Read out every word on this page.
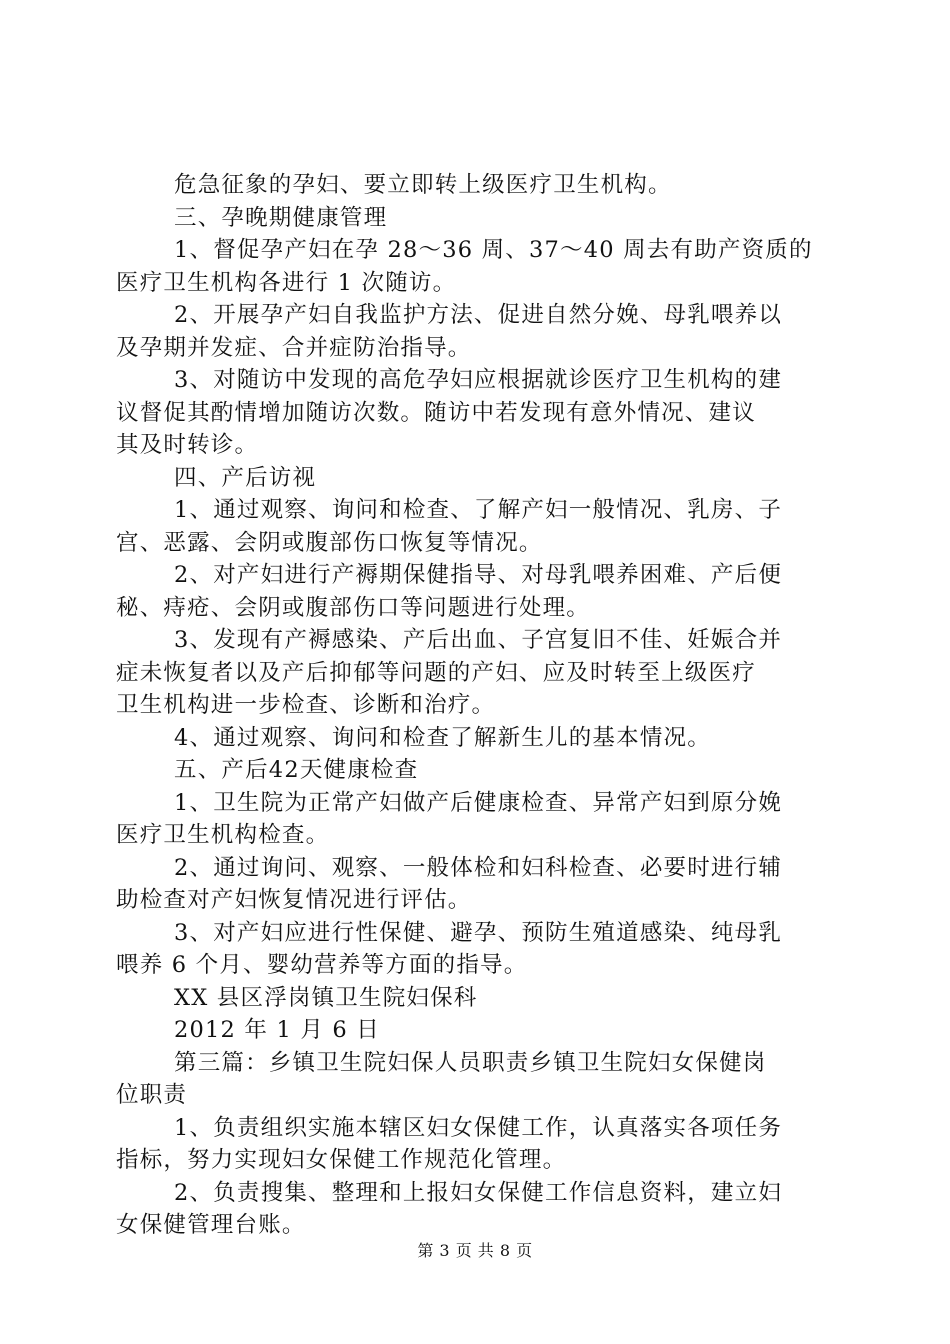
危急征象的孕妇、要立即转上级医疗卫生机构。
三、孕晚期健康管理
1、督促孕产妇在孕 28～36 周、37～40 周去有助产资质的
医疗卫生机构各进行 1 次随访。
2、开展孕产妇自我监护方法、促进自然分娩、母乳喂养以
及孕期并发症、合并症防治指导。
3、对随访中发现的高危孕妇应根据就诊医疗卫生机构的建
议督促其酌情增加随访次数。随访中若发现有意外情况、建议
其及时转诊。
四、产后访视
1、通过观察、询问和检查、了解产妇一般情况、乳房、子
宫、恶露、会阴或腹部伤口恢复等情况。
2、对产妇进行产褥期保健指导、对母乳喂养困难、产后便
秘、痔疮、会阴或腹部伤口等问题进行处理。
3、发现有产褥感染、产后出血、子宫复旧不佳、妊娠合并
症未恢复者以及产后抑郁等问题的产妇、应及时转至上级医疗
卫生机构进一步检查、诊断和治疗。
4、通过观察、询问和检查了解新生儿的基本情况。
五、产后42天健康检查
1、卫生院为正常产妇做产后健康检查、异常产妇到原分娩
医疗卫生机构检查。
2、通过询问、观察、一般体检和妇科检查、必要时进行辅
助检查对产妇恢复情况进行评估。
3、对产妇应进行性保健、避孕、预防生殖道感染、纯母乳
喂养 6 个月、婴幼营养等方面的指导。
XX 县区浮岗镇卫生院妇保科
2012 年 1 月 6 日
第三篇：乡镇卫生院妇保人员职责乡镇卫生院妇女保健岗
位职责
1、负责组织实施本辖区妇女保健工作，认真落实各项任务
指标，努力实现妇女保健工作规范化管理。
2、负责搜集、整理和上报妇女保健工作信息资料，建立妇
女保健管理台账。
第 3 页 共 8 页
